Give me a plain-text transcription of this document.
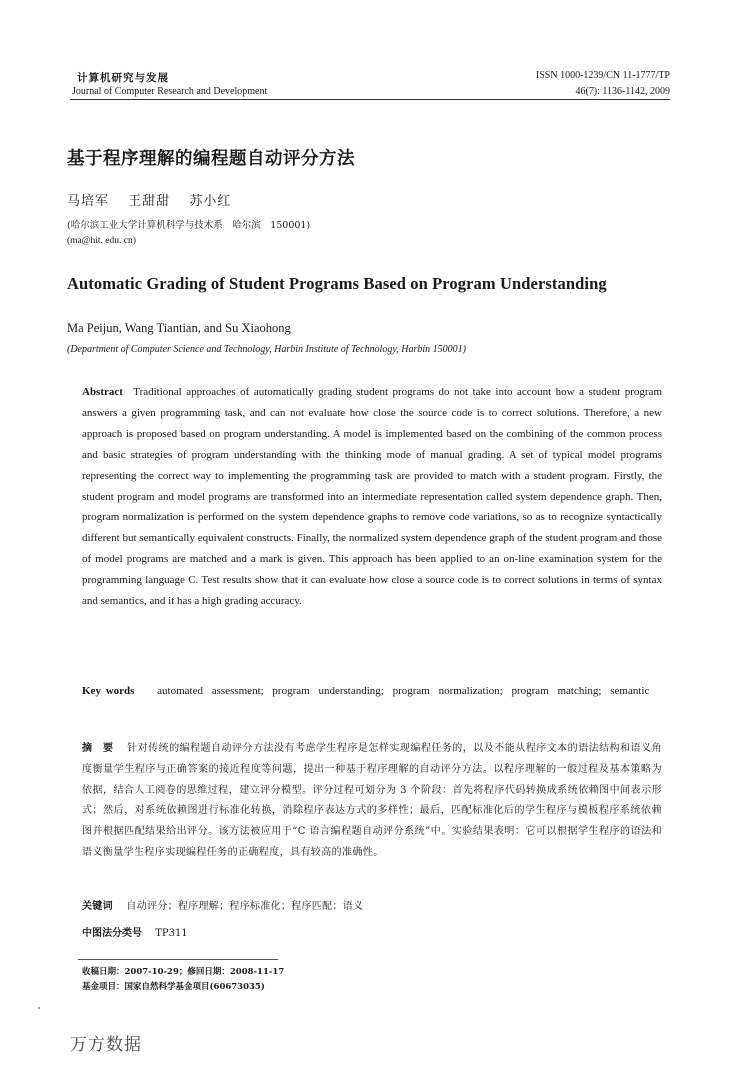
计算机研究与发展
Journal of Computer Research and Development
ISSN 1000-1239/CN 11-1777/TP
46(7): 1136-1142, 2009
基于程序理解的编程题自动评分方法
马培军 王甜甜 苏小红
(哈尔滨工业大学计算机科学与技术系　哈尔滨　150001)
(ma@hit. edu. cn)
Automatic Grading of Student Programs Based on Program Understanding
Ma Peijun, Wang Tiantian, and Su Xiaohong
(Department of Computer Science and Technology, Harbin Institute of Technology, Harbin 150001)
Abstract Traditional approaches of automatically grading student programs do not take into account how a student program answers a given programming task, and can not evaluate how close the source code is to correct solutions. Therefore, a new approach is proposed based on program understanding. A model is implemented based on the combining of the common process and basic strategies of program understanding with the thinking mode of manual grading. A set of typical model programs representing the correct way to implementing the programming task are provided to match with a student program. Firstly, the student program and model programs are transformed into an intermediate representation called system dependence graph. Then, program normalization is performed on the system dependence graphs to remove code variations, so as to recognize syntactically different but semantically equivalent constructs. Finally, the normalized system dependence graph of the student program and those of model programs are matched and a mark is given. This approach has been applied to an on-line examination system for the programming language C. Test results show that it can evaluate how close a source code is to correct solutions in terms of syntax and semantics, and it has a high grading accuracy.
Key words automated assessment; program understanding; program normalization; program matching; semantic
摘　要 针对传统的编程题自动评分方法没有考虑学生程序是怎样实现编程任务的，以及不能从程序文本的语法结构和语义角度衡量学生程序与正确答案的接近程度等问题，提出一种基于程序理解的自动评分方法。以程序理解的一般过程及基本策略为依据，结合人工阅卷的思维过程，建立评分模型。评分过程可划分为 3 个阶段：首先将程序代码转换成系统依赖图中间表示形式；然后，对系统依赖图进行标准化转换，消除程序表达方式的多样性；最后，匹配标准化后的学生程序与模板程序系统依赖图并根据匹配结果给出评分。该方法被应用于“C 语言编程题自动评分系统”中。实验结果表明：它可以根据学生程序的语法和语义衡量学生程序实现编程任务的正确程度，具有较高的准确性。
关键词 自动评分；程序理解；程序标准化；程序匹配；语义
中图法分类号 TP311
收稿日期：2007-10-29；修回日期：2008-11-17
基金项目：国家自然科学基金项目(60673035)
万方数据
